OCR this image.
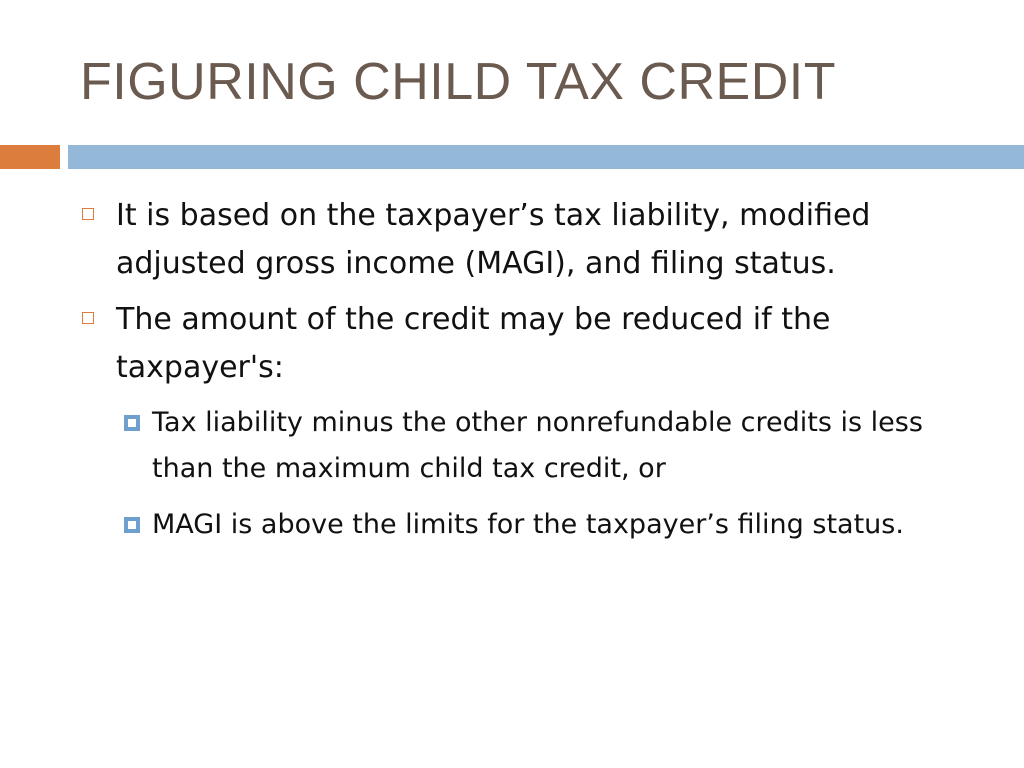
FIGURING CHILD TAX CREDIT
It is based on the taxpayer’s tax liability, modified adjusted gross income (MAGI), and filing status.
The amount of the credit may be reduced if the taxpayer's:
Tax liability minus the other nonrefundable credits is less than the maximum child tax credit, or
MAGI is above the limits for the taxpayer’s filing status.
